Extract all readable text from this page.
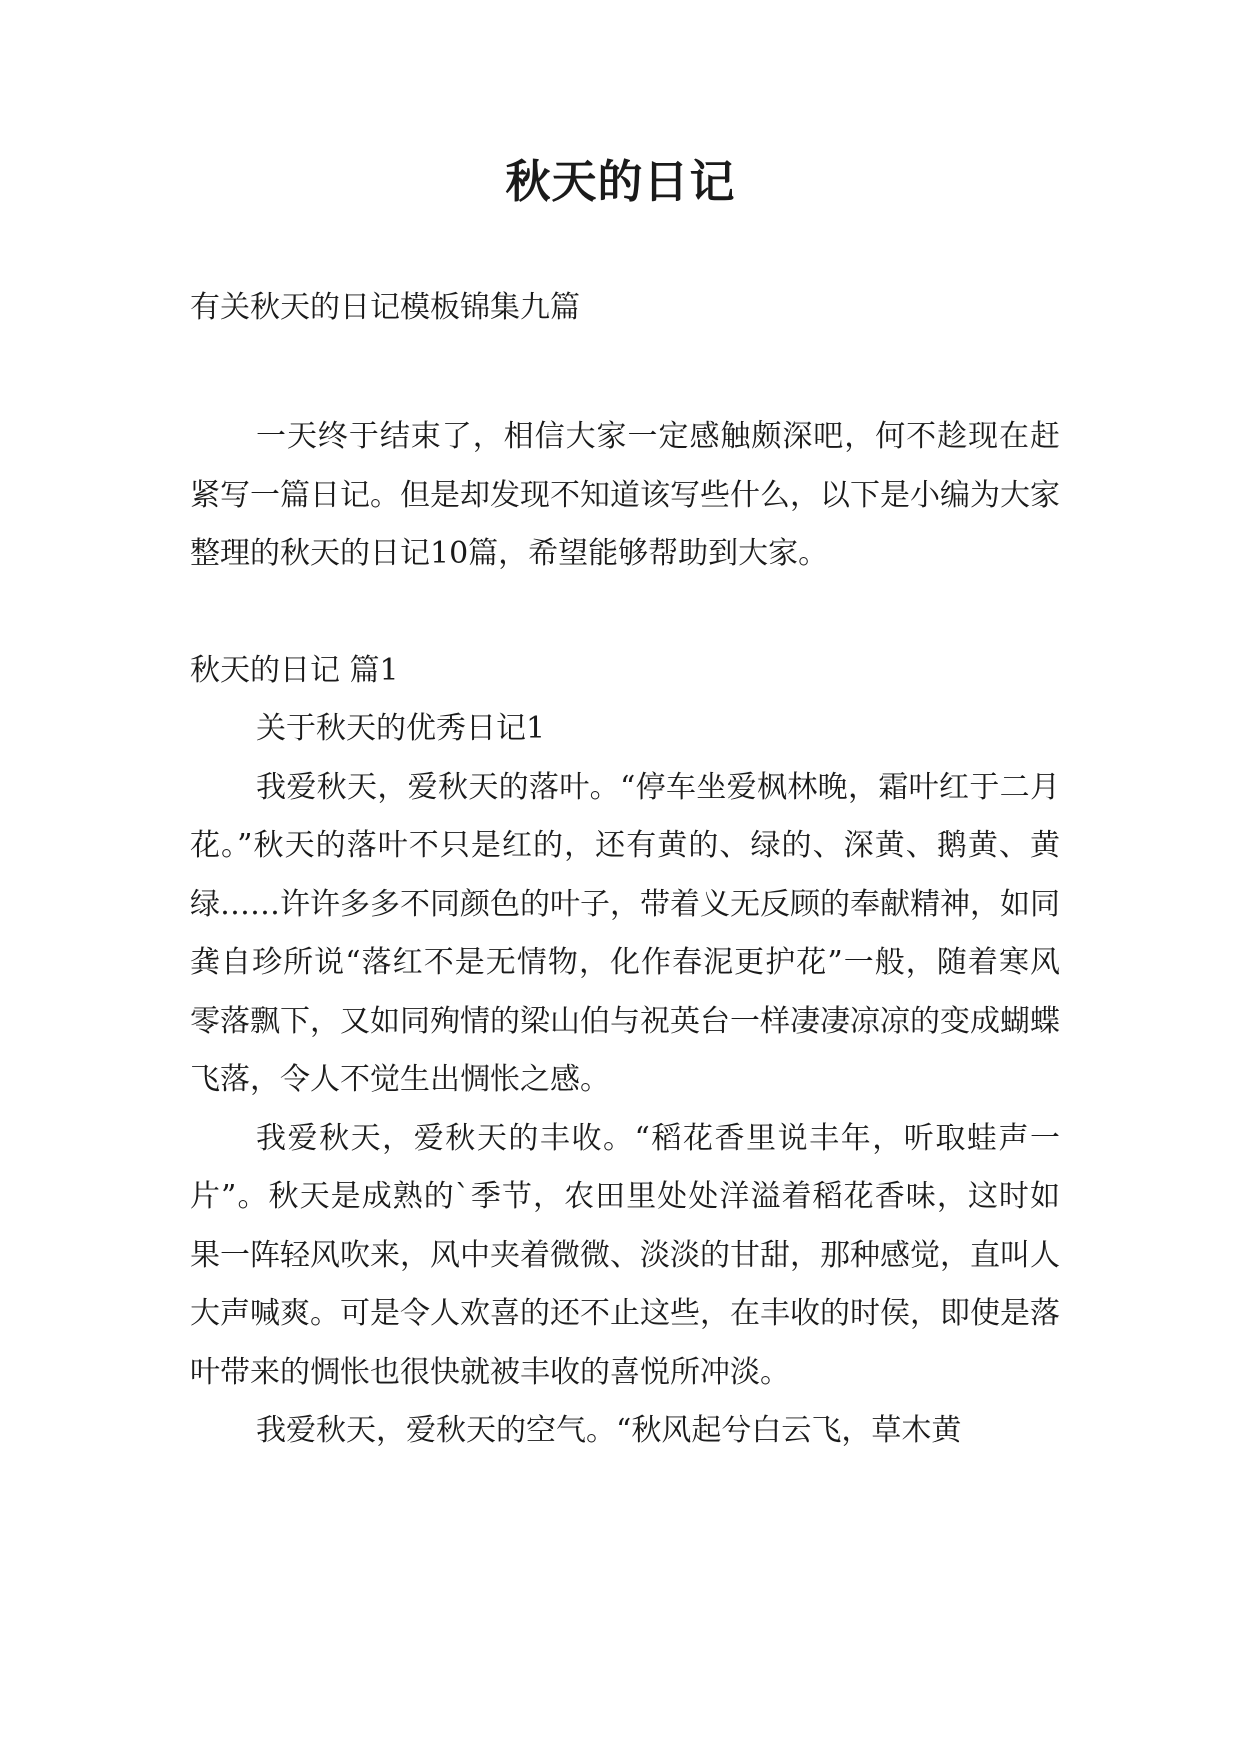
秋天的日记
有关秋天的日记模板锦集九篇

一天终于结束了，相信大家一定感触颇深吧，何不趁现在赶紧写一篇日记。但是却发现不知道该写些什么，以下是小编为大家整理的秋天的日记10篇，希望能够帮助到大家。

秋天的日记 篇1

关于秋天的优秀日记1

我爱秋天，爱秋天的落叶。“停车坐爱枫林晚，霜叶红于二月花。”秋天的落叶不只是红的，还有黄的、绿的、深黄、鹅黄、黄绿……许许多多不同颜色的叶子，带着义无反顾的奉献精神，如同龚自珍所说“落红不是无情物，化作春泥更护花”一般，随着寒风零落飘下，又如同殉情的梁山伯与祝英台一样凄凄凉凉的变成蝴蝶飞落，令人不觉生出惆怅之感。

我爱秋天，爱秋天的丰收。“稻花香里说丰年，听取蛙声一片”。秋天是成熟的`季节，农田里处处洋溢着稻花香味，这时如果一阵轻风吹来，风中夹着微微、淡淡的甘甜，那种感觉，直叫人大声喊爽。可是令人欢喜的还不止这些，在丰收的时侯，即使是落叶带来的惆怅也很快就被丰收的喜悦所冲淡。

我爱秋天，爱秋天的空气。“秋风起兮白云飞，草木黄
